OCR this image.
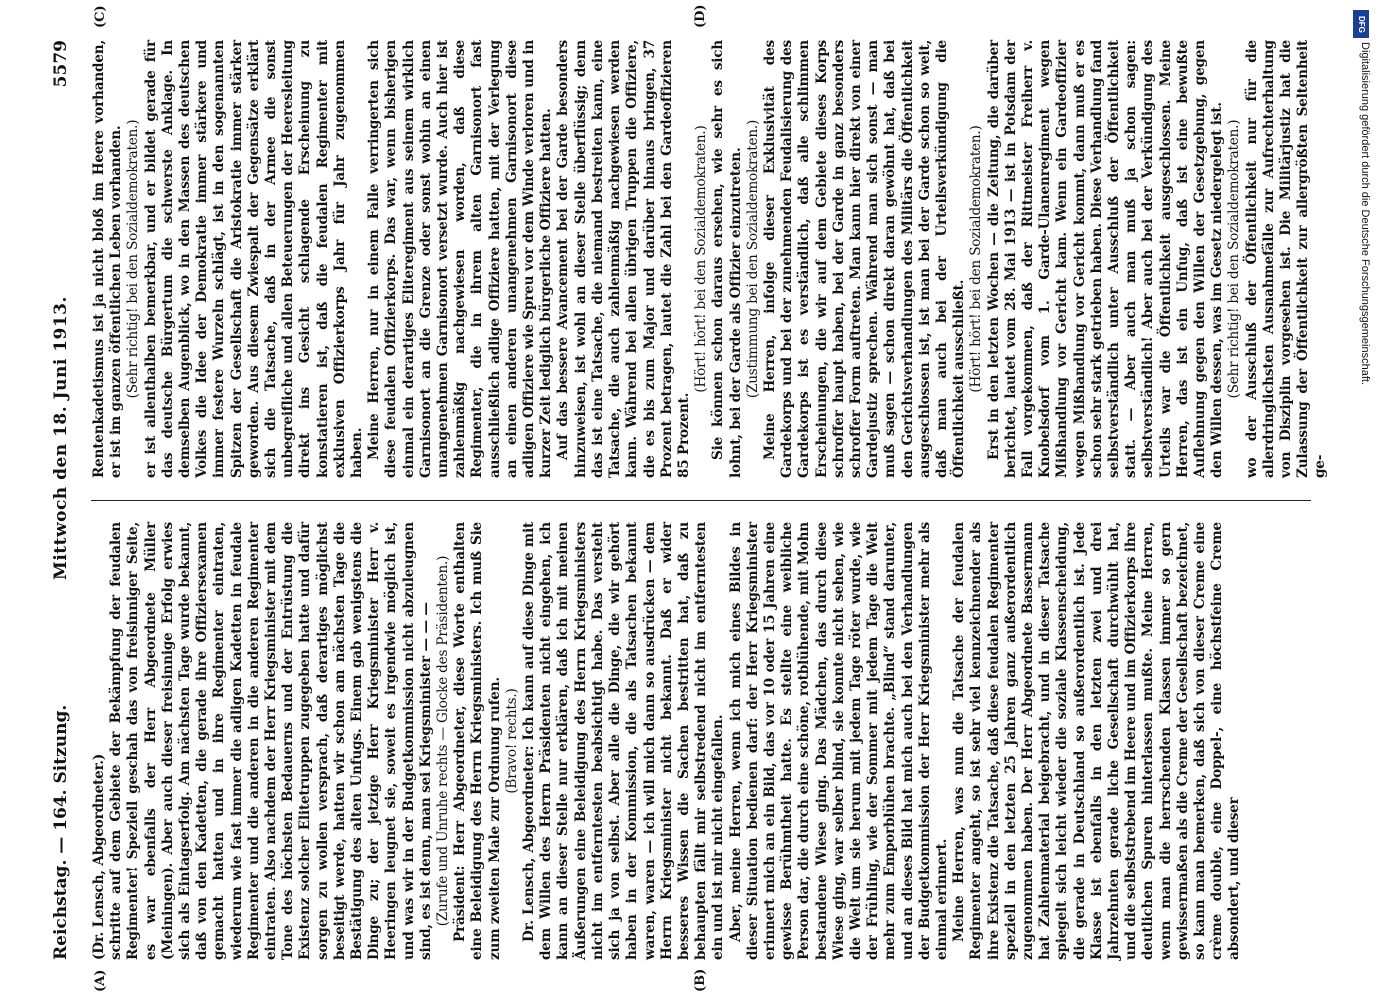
Reichstag. — 164. Sitzung.
Mittwoch den 18. Juni 1913.
5579
(A)	(B)
(C)	(D)

(Dr. Lensch, Abgeordneter.) schritte auf dem Gebiete der Bekämpfung der feudalen Regimenter! Speziell geschah das von freisinniger Seite, es war ebenfalls der Herr Abgeordnete Müller (Meiningen). Aber auch dieser freisinnige Erfolg erwies sich als Eintagserfolg. Am nächsten Tage wurde bekannt, daß von den Kadetten, die gerade ihre Offiziersexamen gemacht hatten und in ihre Regimenter eintraten, wiederum wie fast immer die adligen Kadetten in feudale Regimenter und die anderen in die anderen Regimenter eintraten. Also nachdem der Herr Kriegsminister mit dem Tone des höchsten Bedauerns und der Entrüstung die Existenz solcher Elitetruppen zugegeben hatte und dafür sorgen zu wollen versprach, daß derartiges möglichst beseitigt werde, hatten wir schon am nächsten Tage die Bestätigung des alten Unfugs. Einem gab wenigstens die Dinge zu; der jetzige Herr Kriegsminister Herr v. Heeringen leugnet sie, soweit es irgendwie möglich ist, und was wir in der Budgetkommission nicht abzuleugnen sind, es ist denn, man sei Kriegsminister — — — (Zurufe und Unruhe rechts — Glocke des Präsidenten.) Präsident: Herr Abgeordneter, diese Worte enthalten eine Beleidigung des Herrn Kriegsministers. Ich muß Sie zum zweiten Male zur Ordnung rufen. (Bravo! rechts.) Dr. Lensch, Abgeordneter: Ich kann auf diese Dinge mit dem Willen des Herrn Präsidenten nicht eingehen, ich kann an dieser Stelle nur erklären, daß ich mit meinen Äußerungen eine Beleidigung des Herrn Kriegsministers nicht im entferntesten beabsichtigt habe. Das versteht sich ja von selbst. Aber alle die Dinge, die wir gehört haben in der Kommission, die als Tatsachen bekannt waren, waren — ich will mich dann so ausdrücken — dem Herrn Kriegsminister nicht bekannt. Daß er wider besseres Wissen die Sachen bestritten hat, daß zu behaupten fällt mir selbstredend nicht im entferntesten ein und ist mir nicht eingefallen. Aber, meine Herren, wenn ich mich eines Bildes in dieser Situation bedienen darf: der Herr Kriegsminister erinnert mich an ein Bild, das vor 10 oder 15 Jahren eine gewisse Berühmtheit hatte. Es stellte eine weibliche Person dar, die durch eine schöne, rotblühende, mit Mohn bestandene Wiese ging. Das Mädchen, das durch diese Wiese ging, war selber blind, sie konnte nicht sehen, wie die Welt um sie herum mit jedem Tage röter wurde, wie der Frühling, wie der Sommer mit jedem Tage die Welt mehr zum Emporblühen brachte. „Blind“ stand darunter, und an dieses Bild hat mich auch bei den Verhandlungen der Budgetkommission der Herr Kriegsminister mehr als einmal erinnert. Meine Herren, was nun die Tatsache der feudalen Regimenter angeht, so ist sehr viel kennzeichnender als ihre Existenz die Tatsache, daß diese feudalen Regimenter speziell in den letzten 25 Jahren ganz außerordentlich zugenommen haben. Der Herr Abgeordnete Bassermann hat Zahlenmaterial beigebracht, und in dieser Tatsache spiegelt sich leicht wieder die soziale Klassenscheidung, die gerade in Deutschland so außerordentlich ist. Jede Klasse ist ebenfalls in den letzten zwei und drei Jahrzehnten gerade liche Gesellschaft durchwühlt hat, und die selbststrebend im Heere und im Offizierkorps ihre deutlichen Spuren hinterlassen mußte. Meine Herren, wenn man die herrschenden Klassen immer so gern gewissermaßen als die Creme der Gesellschaft bezeichnet, so kann man bemerken, daß sich von dieser Creme eine crème double, eine Doppel-, eine höchstfeine Creme absondert, und dieser

Rentenkadetismus ist ja nicht bloß im Heere vorhanden, er ist im ganzen öffentlichen Leben vorhanden. (Sehr richtig! bei den Sozialdemokraten.) er ist allenthalben bemerkbar, und er bildet gerade für das deutsche Bürgertum die schwerste Anklage. In demselben Augenblick, wo in den Massen des deutschen Volkes die Idee der Demokratie immer stärkere und immer festere Wurzeln schlägt, ist in den sogenannten Spitzen der Gesellschaft die Aristokratie immer stärker geworden. Aus diesem Zwiespalt der Gegensätze erklärt sich die Tatsache, daß in der Armee die sonst unbegreifliche und allen Beteuerungen der Heeresleitung direkt ins Gesicht schlagende Erscheinung zu konstatieren ist, daß die feudalen Regimenter mit exklusiven Offizierkorps Jahr für Jahr zugenommen haben. Meine Herren, nur in einem Falle verringerten sich diese feudalen Offizierkorps. Das war, wenn bisherigen einmal ein derartiges Eliteregiment aus seinem wirklich Garnisonort an die Grenze oder sonst wohin an einen unangenehmen Garnisonort versetzt wurde. Auch hier ist zahlenmäßig nachgewiesen worden, daß diese Regimenter, die in ihrem alten Garnisonort fast ausschließlich adlige Offiziere hatten, mit der Verlegung an einen anderen unangenehmen Garnisonort diese adligen Offiziere wie Spreu vor dem Winde verloren und in kurzer Zeit lediglich bürgerliche Offiziere hatten. Auf das bessere Avancement bei der Garde besonders hinzuweisen, ist wohl an dieser Stelle überflüssig; denn das ist eine Tatsache, die niemand bestreiten kann, eine Tatsache, die auch zahlenmäßig nachgewiesen werden kann. Während bei allen übrigen Truppen die Offiziere, die es bis zum Major und darüber hinaus bringen, 37 Prozent betragen, lautet die Zahl bei den Gardeoffizieren 85 Prozent.

(Hört! hört! bei den Sozialdemokraten.) Sie können schon daraus ersehen, wie sehr es sich lohnt, bei der Garde als Offizier einzutreten. (Zustimmung bei den Sozialdemokraten.) Meine Herren, infolge dieser Exklusivität des Gardekorps und bei der zunehmenden Feudalisierung des Gardekorps ist es verständlich, daß alle schlimmen Erscheinungen, die wir auf dem Gebiete dieses Korps schroffer haupt haben, bei der Garde in ganz besonders schroffer Form auftreten. Man kann hier direkt von einer Gardejustiz sprechen. Während man sich sonst — man muß sagen — schon direkt daran gewöhnt hat, daß bei den Gerichtsverhandlungen des Militärs die Öffentlichkeit ausgeschlossen ist, ist man bei der Garde schon so weit, daß man auch bei der Urteilsverkündigung die Öffentlichkeit ausschließt. (Hört! hört! bei den Sozialdemokraten.) Erst in den letzten Wochen — die Zeitung, die darüber berichtet, lautet vom 28. Mai 1913 — ist in Potsdam der Fall vorgekommen, daß der Rittmeister Freiherr v. Knobelsdorf vom 1. Garde-Ulanenregiment wegen Mißhandlung vor Gericht kam. Wenn ein Gardeoffizier wegen Mißhandlung vor Gericht kommt, dann muß er es schon sehr stark getrieben haben. Diese Verhandlung fand selbstverständlich unter Ausschluß der Öffentlichkeit statt. — Aber auch man muß ja schon sagen: selbstverständlich! Aber auch bei der Verkündigung des Urteils war die Öffentlichkeit ausgeschlossen. Meine Herren, das ist ein Unfug, daß ist eine bewußte Auflehnung gegen den Willen der Gesetzgebung, gegen den Willen dessen, was im Gesetz niedergelegt ist. (Sehr richtig! bei den Sozialdemokraten.) wo der Ausschluß der Öffentlichkeit nur für die allerdringlichsten Ausnahmefälle zur Aufrechterhaltung von Disziplin vorgesehen ist. Die Militärjustiz hat die Zulassung der Öffentlichkeit zur allergrößten Seltenheit ge-

DFG
Digitalisierung gefördert durch die Deutsche Forschungsgemeinschaft.
